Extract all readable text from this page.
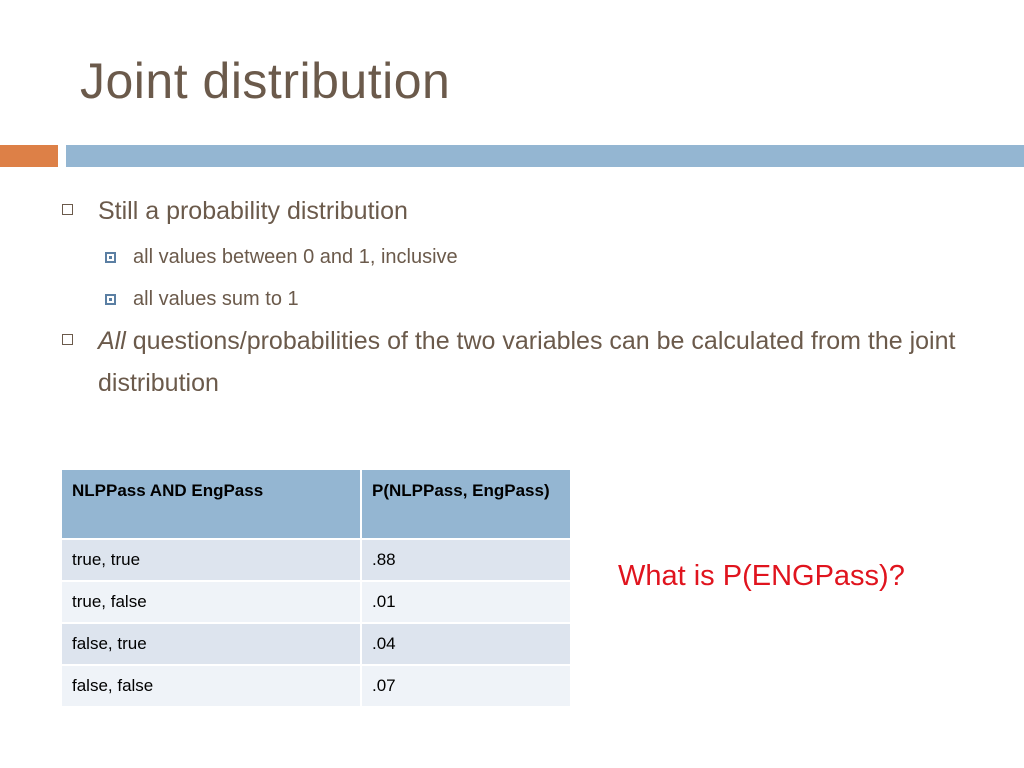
Joint distribution
Still a probability distribution
all values between 0 and 1, inclusive
all values sum to 1
All questions/probabilities of the two variables can be calculated from the joint distribution
NLPPass AND EngPass	P(NLPPass, EngPass)
true, true	.88
true, false	.01
false, true	.04
false, false	.07
What is P(ENGPass)?
